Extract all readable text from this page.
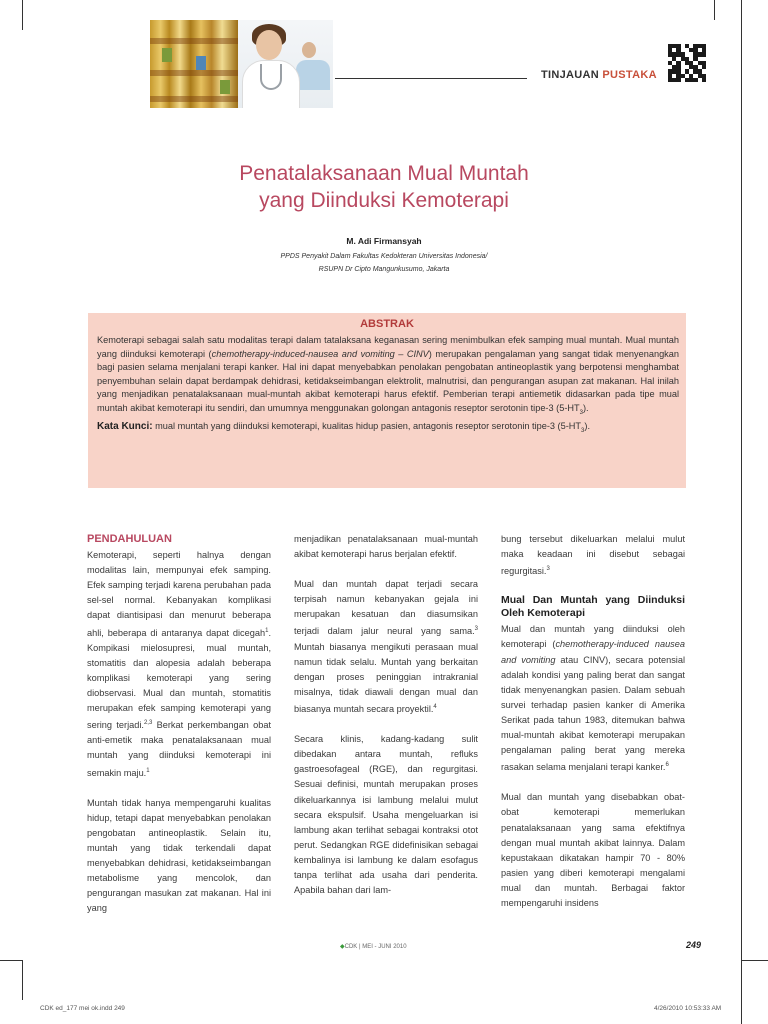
TINJAUAN PUSTAKA
Penatalaksanaan Mual Muntah
yang Diinduksi Kemoterapi
M. Adi Firmansyah
PPDS Penyakit Dalam Fakultas Kedokteran Universitas Indonesia/
RSUPN Dr Cipto Mangunkusumo, Jakarta
ABSTRAK
Kemoterapi sebagai salah satu modalitas terapi dalam tatalaksana keganasan sering menimbulkan efek samping mual muntah. Mual muntah yang diinduksi kemoterapi (chemotherapy-induced-nausea and vomiting – CINV) merupakan pengalaman yang sangat tidak menyenangkan bagi pasien selama menjalani terapi kanker. Hal ini dapat menyebabkan penolakan pengobatan antineoplastik yang berpotensi menghambat penyembuhan selain dapat berdampak dehidrasi, ketidakseimbangan elektrolit, malnutrisi, dan pengurangan asupan zat makanan. Hal inilah yang menjadikan penatalaksanaan mual-muntah akibat kemoterapi harus efektif. Pemberian terapi antiemetik didasarkan pada tipe mual muntah akibat kemoterapi itu sendiri, dan umumnya menggunakan golongan antagonis reseptor serotonin tipe-3 $(5-HT_3)$.
Kata Kunci: mual muntah yang diinduksi kemoterapi, kualitas hidup pasien, antagonis reseptor serotonin tipe-3 $(5-HT_3)$.
PENDAHULUAN

Kemoterapi, seperti halnya dengan modalitas lain, mempunyai efek samping. Efek samping terjadi karena perubahan pada sel-sel normal. Kebanyakan komplikasi dapat diantisipasi dan menurut beberapa ahli, beberapa di antaranya dapat dicegah$^1$. Kompikasi mielosupresi, mual muntah, stomatitis dan alopesia adalah beberapa komplikasi kemoterapi yang sering diobservasi. Mual dan muntah, stomatitis merupakan efek samping kemoterapi yang sering terjadi.$^{2,3}$ Berkat perkembangan obat anti-emetik maka penatalaksanaan mual muntah yang diinduksi kemoterapi ini semakin maju.$^1$

Muntah tidak hanya mempengaruhi kualitas hidup, tetapi dapat menyebabkan penolakan pengobatan antineoplastik. Selain itu, muntah yang tidak terkendali dapat menyebabkan dehidrasi, ketidakseimbangan metabolisme yang mencolok, dan pengurangan masukan zat makanan. Hal ini yang

menjadikan penatalaksanaan mual-muntah akibat kemoterapi harus berjalan efektif.

Mual dan muntah dapat terjadi secara terpisah namun kebanyakan gejala ini merupakan kesatuan dan diasumsikan terjadi dalam jalur neural yang sama.$^3$ Muntah biasanya mengikuti perasaan mual namun tidak selalu. Muntah yang berkaitan dengan proses peninggian intrakranial misalnya, tidak diawali dengan mual dan biasanya muntah secara proyektil.$^4$

Secara klinis, kadang-kadang sulit dibedakan antara muntah, refluks gastroesofageal (RGE), dan regurgitasi. Sesuai definisi, muntah merupakan proses dikeluarkannya isi lambung melalui mulut secara ekspulsif. Usaha mengeluarkan isi lambung akan terlihat sebagai kontraksi otot perut. Sedangkan RGE didefinisikan sebagai kembalinya isi lambung ke dalam esofagus tanpa terlihat ada usaha dari penderita. Apabila bahan dari lam-

bung tersebut dikeluarkan melalui mulut maka keadaan ini disebut sebagai regurgitasi.$^3$

Mual Dan Muntah yang Diinduksi Oleh Kemoterapi

Mual dan muntah yang diinduksi oleh kemoterapi (chemotherapy-induced nausea and vomiting atau CINV), secara potensial adalah kondisi yang paling berat dan sangat tidak menyenangkan pasien. Dalam sebuah survei terhadap pasien kanker di Amerika Serikat pada tahun 1983, ditemukan bahwa mual-muntah akibat kemoterapi merupakan pengalaman paling berat yang mereka rasakan selama menjalani terapi kanker.$^6$

Mual dan muntah yang disebabkan obat-obat kemoterapi memerlukan penatalaksanaan yang sama efektifnya dengan mual muntah akibat lainnya. Dalam kepustakaan dikatakan hampir 70 - 80% pasien yang diberi kemoterapi mengalami mual dan muntah. Berbagai faktor mempengaruhi insidens

◆CDK | MEI - JUNI 2010	249
CDK ed_177 mei ok.indd 249	4/26/2010 10:53:33 AM
